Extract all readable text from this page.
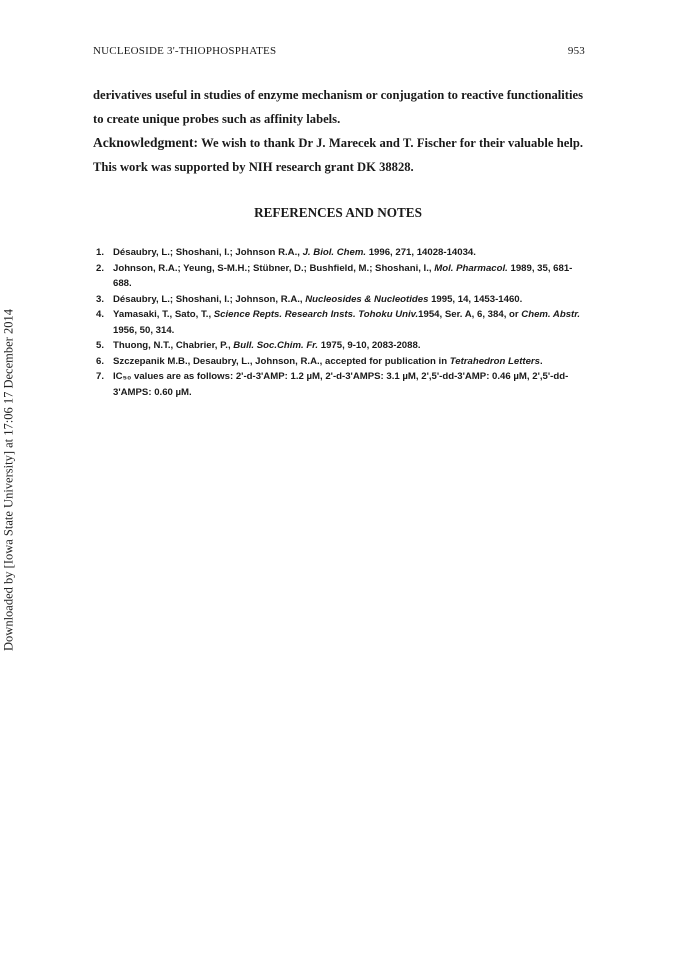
Downloaded by [Iowa State University] at 17:06 17 December 2014
NUCLEOSIDE 3'-THIOPHOSPHATES	953

derivatives useful in studies of enzyme mechanism or conjugation to reactive functionalities to create unique probes such as affinity labels.

Acknowledgment: We wish to thank Dr J. Marecek and T. Fischer for their valuable help. This work was supported by NIH research grant DK 38828.

REFERENCES AND NOTES
1. Désaubry, L.; Shoshani, I.; Johnson R.A., J. Biol. Chem. 1996, 271, 14028-14034.
2. Johnson, R.A.; Yeung, S-M.H.; Stübner, D.; Bushfield, M.; Shoshani, I., Mol. Pharmacol. 1989, 35, 681-688.
3. Désaubry, L.; Shoshani, I.; Johnson, R.A., Nucleosides & Nucleotides 1995, 14, 1453-1460.
4. Yamasaki, T., Sato, T., Science Repts. Research Insts. Tohoku Univ.1954, Ser. A, 6, 384, or Chem. Abstr. 1956, 50, 314.
5. Thuong, N.T., Chabrier, P., Bull. Soc.Chim. Fr. 1975, 9-10, 2083-2088.
6. Szczepanik M.B., Desaubry, L., Johnson, R.A., accepted for publication in Tetrahedron Letters.
7. IC₅₀ values are as follows: 2'-d-3'AMP: 1.2 µM, 2'-d-3'AMPS: 3.1 µM, 2',5'-dd-3'AMP: 0.46 µM, 2',5'-dd-3'AMPS: 0.60 µM.
